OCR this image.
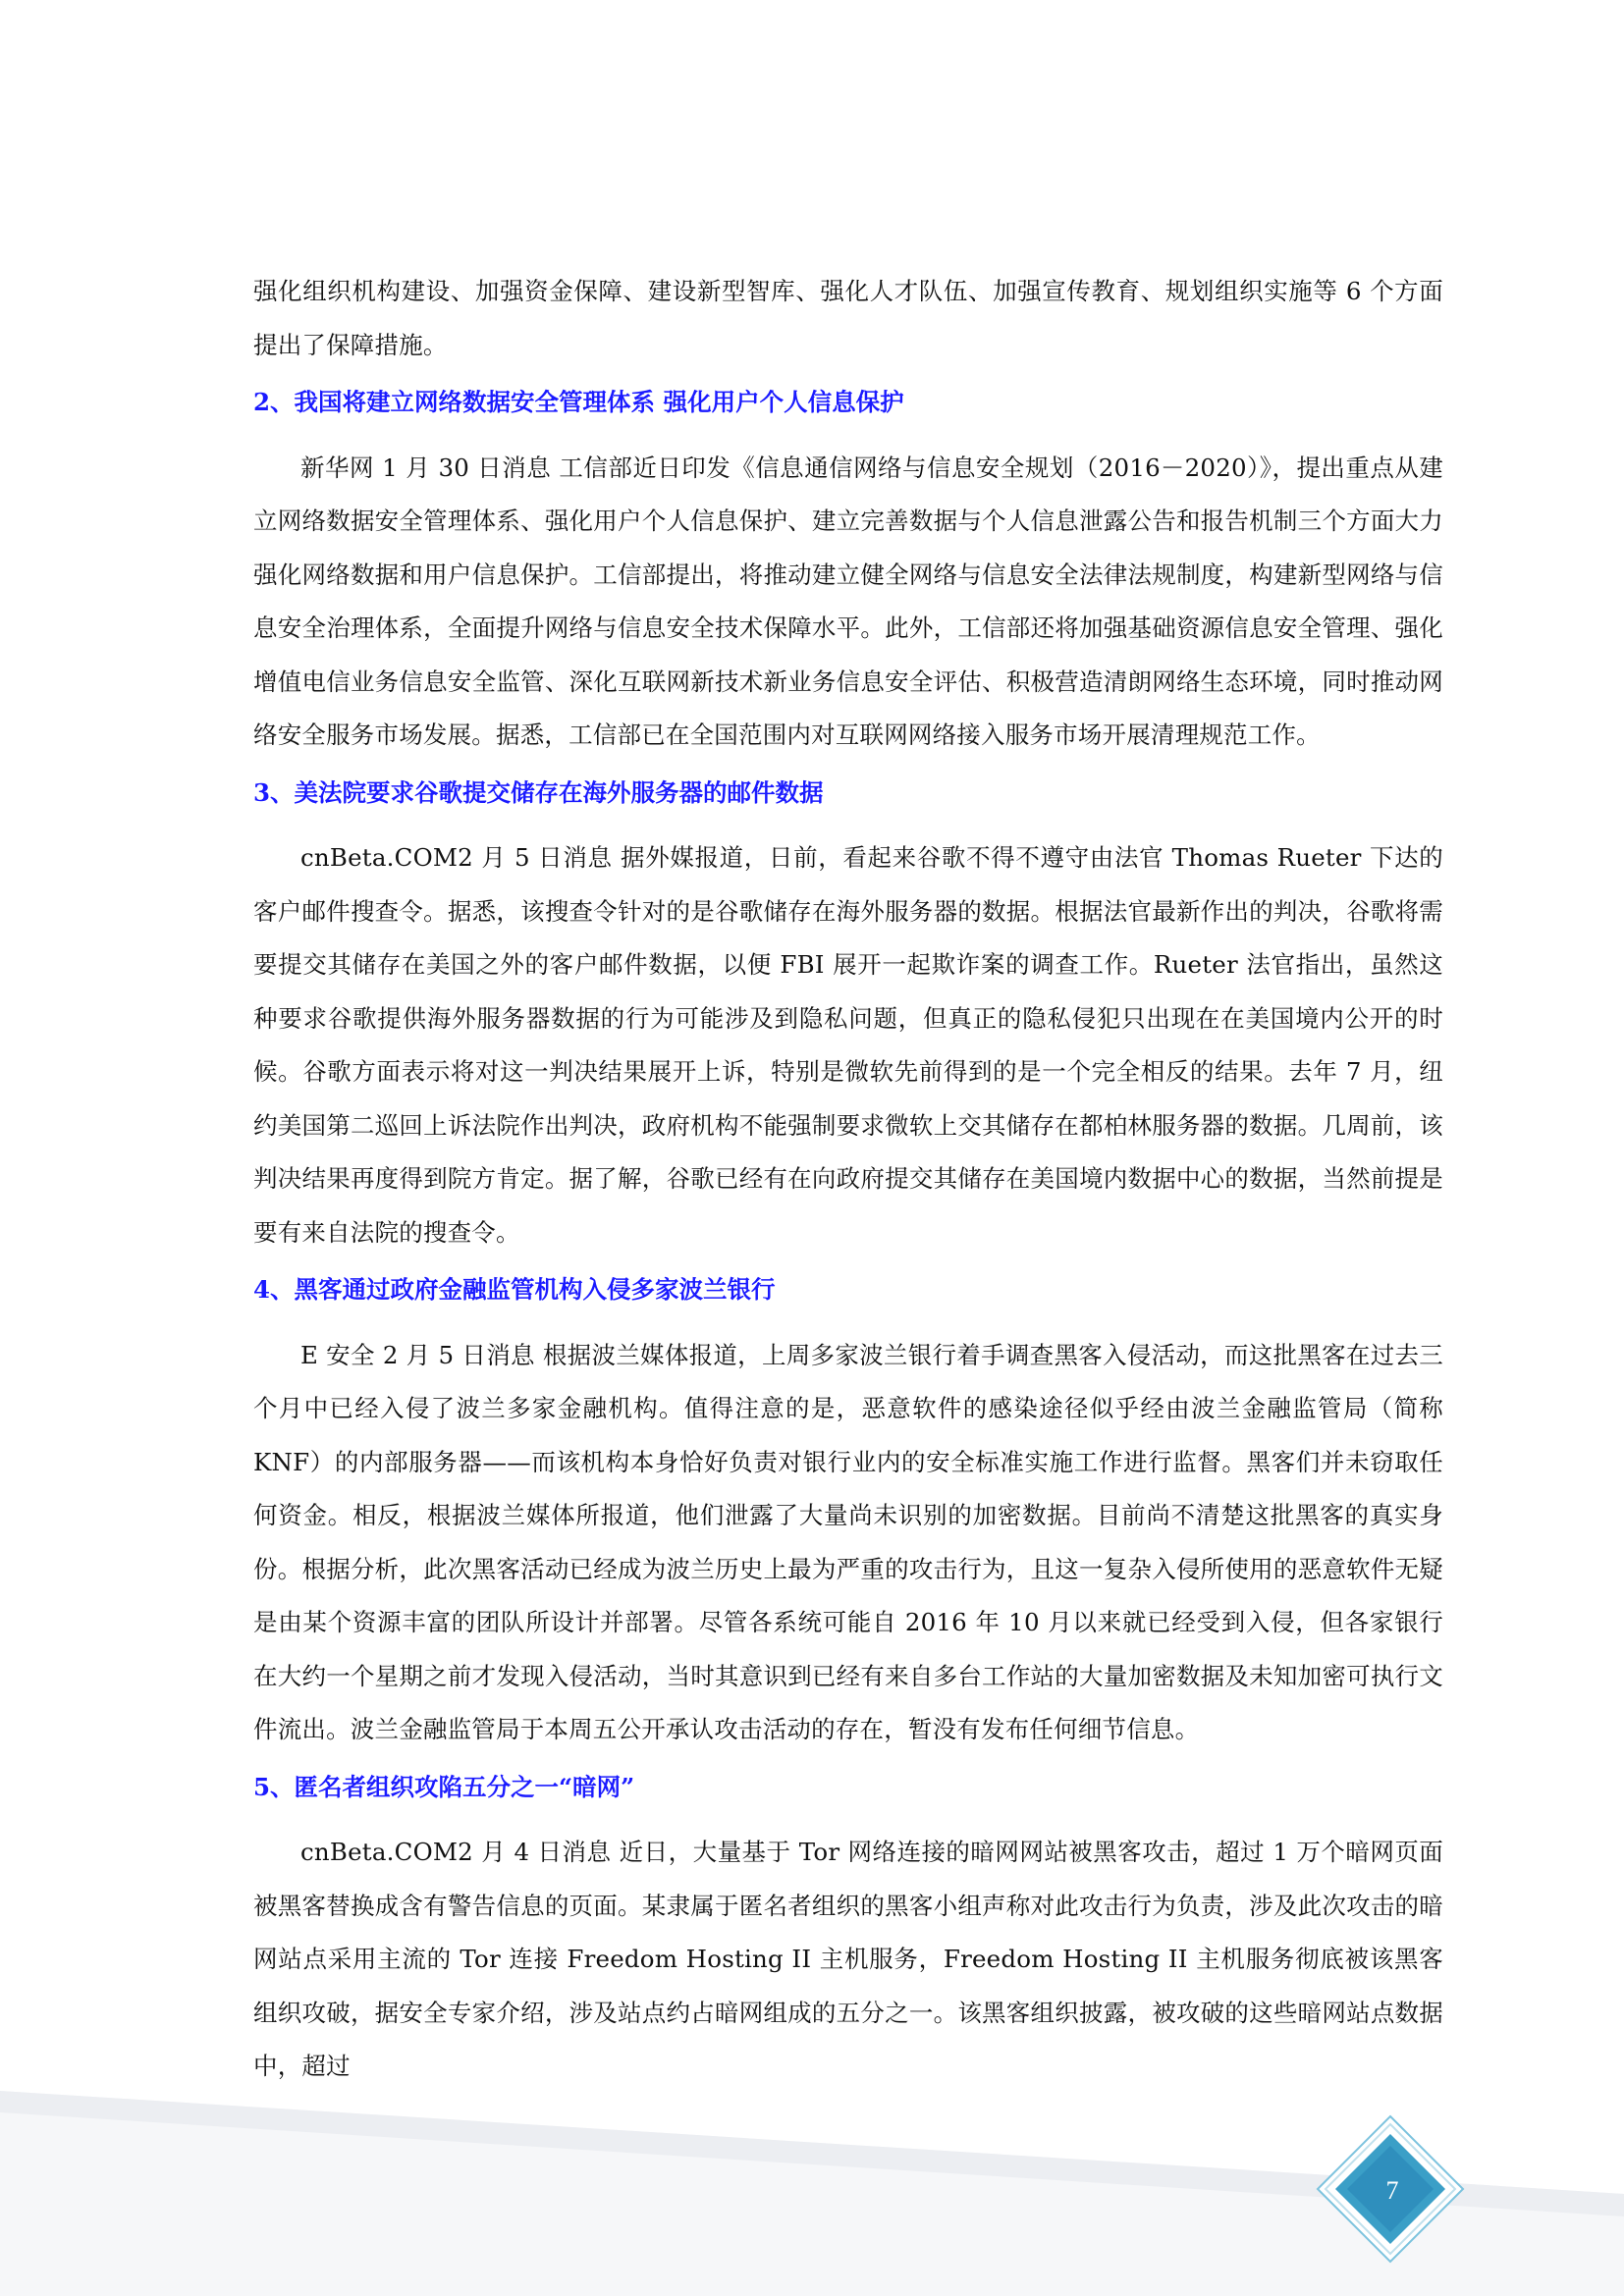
强化组织机构建设、加强资金保障、建设新型智库、强化人才队伍、加强宣传教育、规划组织实施等 6 个方面提出了保障措施。

2、我国将建立网络数据安全管理体系 强化用户个人信息保护

新华网 1 月 30 日消息 工信部近日印发《信息通信网络与信息安全规划（2016－2020）》，提出重点从建立网络数据安全管理体系、强化用户个人信息保护、建立完善数据与个人信息泄露公告和报告机制三个方面大力强化网络数据和用户信息保护。工信部提出，将推动建立健全网络与信息安全法律法规制度，构建新型网络与信息安全治理体系，全面提升网络与信息安全技术保障水平。此外，工信部还将加强基础资源信息安全管理、强化增值电信业务信息安全监管、深化互联网新技术新业务信息安全评估、积极营造清朗网络生态环境，同时推动网络安全服务市场发展。据悉，工信部已在全国范围内对互联网网络接入服务市场开展清理规范工作。

3、美法院要求谷歌提交储存在海外服务器的邮件数据

cnBeta.COM2 月 5 日消息 据外媒报道，日前，看起来谷歌不得不遵守由法官 Thomas Rueter 下达的客户邮件搜查令。据悉，该搜查令针对的是谷歌储存在海外服务器的数据。根据法官最新作出的判决，谷歌将需要提交其储存在美国之外的客户邮件数据，以便 FBI 展开一起欺诈案的调查工作。Rueter 法官指出，虽然这种要求谷歌提供海外服务器数据的行为可能涉及到隐私问题，但真正的隐私侵犯只出现在在美国境内公开的时候。谷歌方面表示将对这一判决结果展开上诉，特别是微软先前得到的是一个完全相反的结果。去年 7 月，纽约美国第二巡回上诉法院作出判决，政府机构不能强制要求微软上交其储存在都柏林服务器的数据。几周前，该判决结果再度得到院方肯定。据了解，谷歌已经有在向政府提交其储存在美国境内数据中心的数据，当然前提是要有来自法院的搜查令。

4、黑客通过政府金融监管机构入侵多家波兰银行

E 安全 2 月 5 日消息 根据波兰媒体报道，上周多家波兰银行着手调查黑客入侵活动，而这批黑客在过去三个月中已经入侵了波兰多家金融机构。值得注意的是，恶意软件的感染途径似乎经由波兰金融监管局（简称 KNF）的内部服务器——而该机构本身恰好负责对银行业内的安全标准实施工作进行监督。黑客们并未窃取任何资金。相反，根据波兰媒体所报道，他们泄露了大量尚未识别的加密数据。目前尚不清楚这批黑客的真实身份。根据分析，此次黑客活动已经成为波兰历史上最为严重的攻击行为，且这一复杂入侵所使用的恶意软件无疑是由某个资源丰富的团队所设计并部署。尽管各系统可能自 2016 年 10 月以来就已经受到入侵，但各家银行在大约一个星期之前才发现入侵活动，当时其意识到已经有来自多台工作站的大量加密数据及未知加密可执行文件流出。波兰金融监管局于本周五公开承认攻击活动的存在，暂没有发布任何细节信息。

5、匿名者组织攻陷五分之一“暗网”

cnBeta.COM2 月 4 日消息 近日，大量基于 Tor 网络连接的暗网网站被黑客攻击，超过 1 万个暗网页面被黑客替换成含有警告信息的页面。某隶属于匿名者组织的黑客小组声称对此攻击行为负责，涉及此次攻击的暗网站点采用主流的 Tor 连接 Freedom Hosting II 主机服务，Freedom Hosting II 主机服务彻底被该黑客组织攻破，据安全专家介绍，涉及站点约占暗网组成的五分之一。该黑客组织披露，被攻破的这些暗网站点数据中，超过

7
